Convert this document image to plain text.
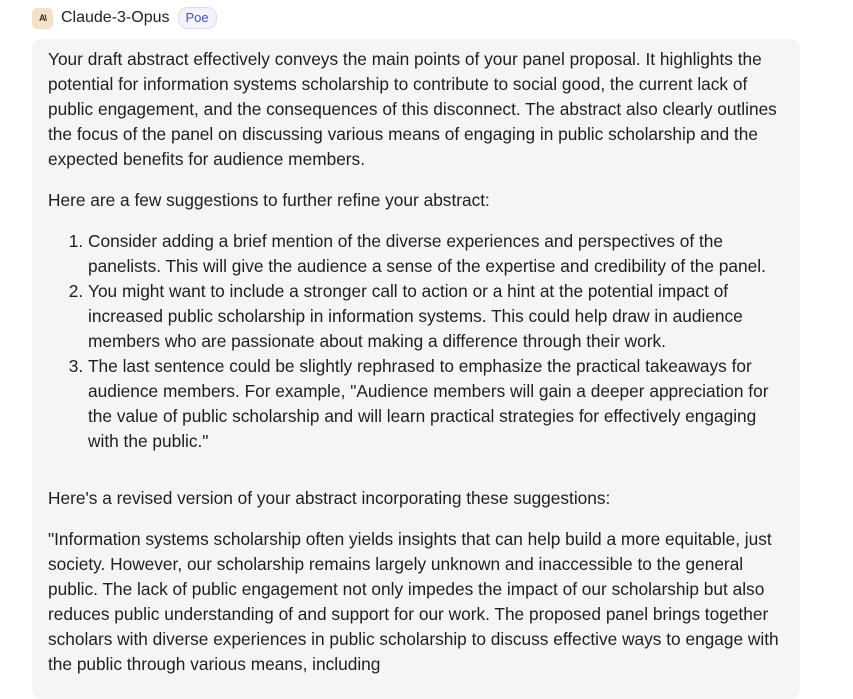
A\ Claude-3-Opus	Poe

Your draft abstract effectively conveys the main points of your panel proposal. It highlights the potential for information systems scholarship to contribute to social good, the current lack of public engagement, and the consequences of this disconnect. The abstract also clearly outlines the focus of the panel on discussing various means of engaging in public scholarship and the expected benefits for audience members.

Here are a few suggestions to further refine your abstract:

1. Consider adding a brief mention of the diverse experiences and perspectives of the panelists. This will give the audience a sense of the expertise and credibility of the panel.
2. You might want to include a stronger call to action or a hint at the potential impact of increased public scholarship in information systems. This could help draw in audience members who are passionate about making a difference through their work.
3. The last sentence could be slightly rephrased to emphasize the practical takeaways for audience members. For example, "Audience members will gain a deeper appreciation for the value of public scholarship and will learn practical strategies for effectively engaging with the public."

Here's a revised version of your abstract incorporating these suggestions:

"Information systems scholarship often yields insights that can help build a more equitable, just society. However, our scholarship remains largely unknown and inaccessible to the general public. The lack of public engagement not only impedes the impact of our scholarship but also reduces public understanding of and support for our work. The proposed panel brings together scholars with diverse experiences in public scholarship to discuss effective ways to engage with the public through various means, including
